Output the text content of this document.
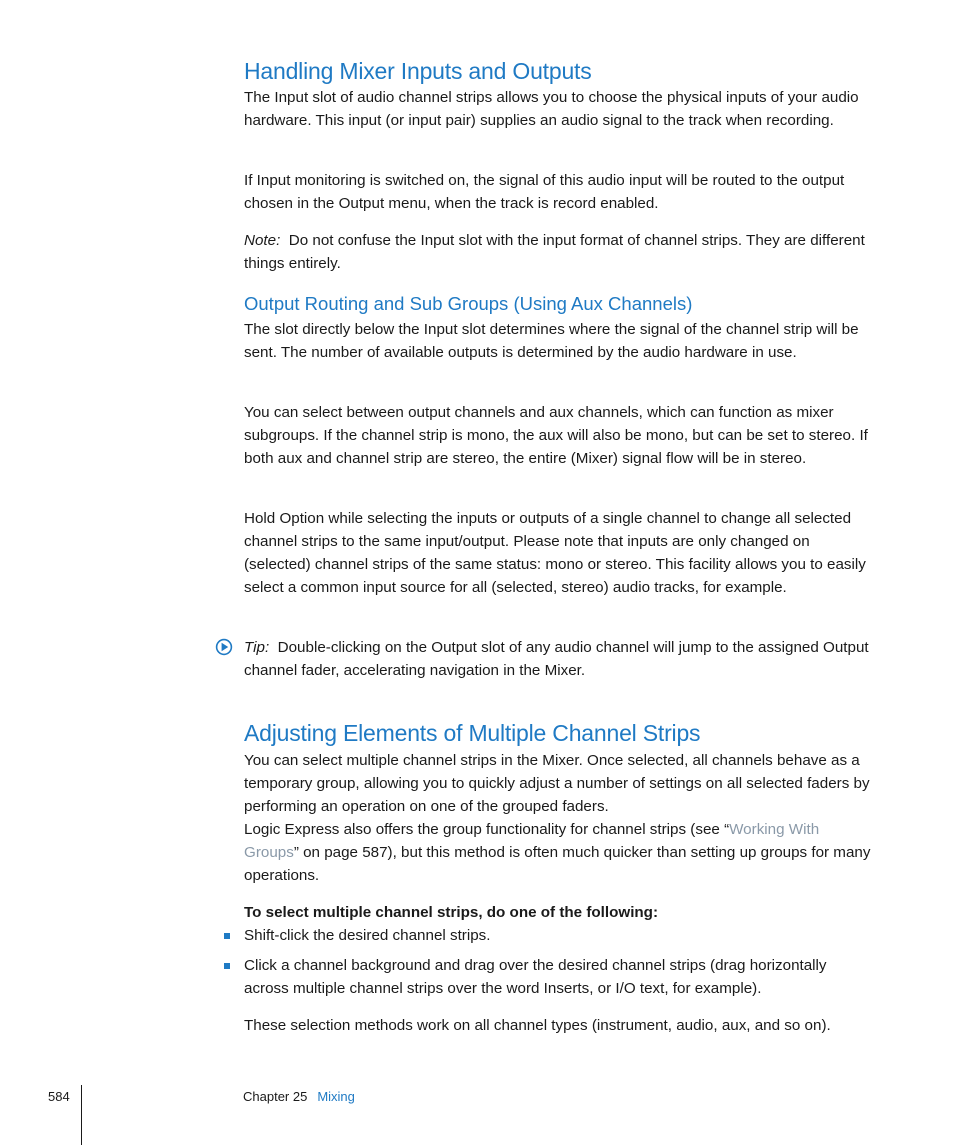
Handling Mixer Inputs and Outputs

The Input slot of audio channel strips allows you to choose the physical inputs of your audio hardware. This input (or input pair) supplies an audio signal to the track when recording.

If Input monitoring is switched on, the signal of this audio input will be routed to the output chosen in the Output menu, when the track is record enabled.

Note: Do not confuse the Input slot with the input format of channel strips. They are different things entirely.

Output Routing and Sub Groups (Using Aux Channels)

The slot directly below the Input slot determines where the signal of the channel strip will be sent. The number of available outputs is determined by the audio hardware in use.

You can select between output channels and aux channels, which can function as mixer subgroups. If the channel strip is mono, the aux will also be mono, but can be set to stereo. If both aux and channel strip are stereo, the entire (Mixer) signal flow will be in stereo.

Hold Option while selecting the inputs or outputs of a single channel to change all selected channel strips to the same input/output. Please note that inputs are only changed on (selected) channel strips of the same status: mono or stereo. This facility allows you to easily select a common input source for all (selected, stereo) audio tracks, for example.

Tip: Double-clicking on the Output slot of any audio channel will jump to the assigned Output channel fader, accelerating navigation in the Mixer.

Adjusting Elements of Multiple Channel Strips

You can select multiple channel strips in the Mixer. Once selected, all channels behave as a temporary group, allowing you to quickly adjust a number of settings on all selected faders by performing an operation on one of the grouped faders.

Logic Express also offers the group functionality for channel strips (see “Working With Groups” on page 587), but this method is often much quicker than setting up groups for many operations.

To select multiple channel strips, do one of the following:

Shift-click the desired channel strips.

Click a channel background and drag over the desired channel strips (drag horizontally across multiple channel strips over the word Inserts, or I/O text, for example).

These selection methods work on all channel types (instrument, audio, aux, and so on).

584	Chapter 25 Mixing
